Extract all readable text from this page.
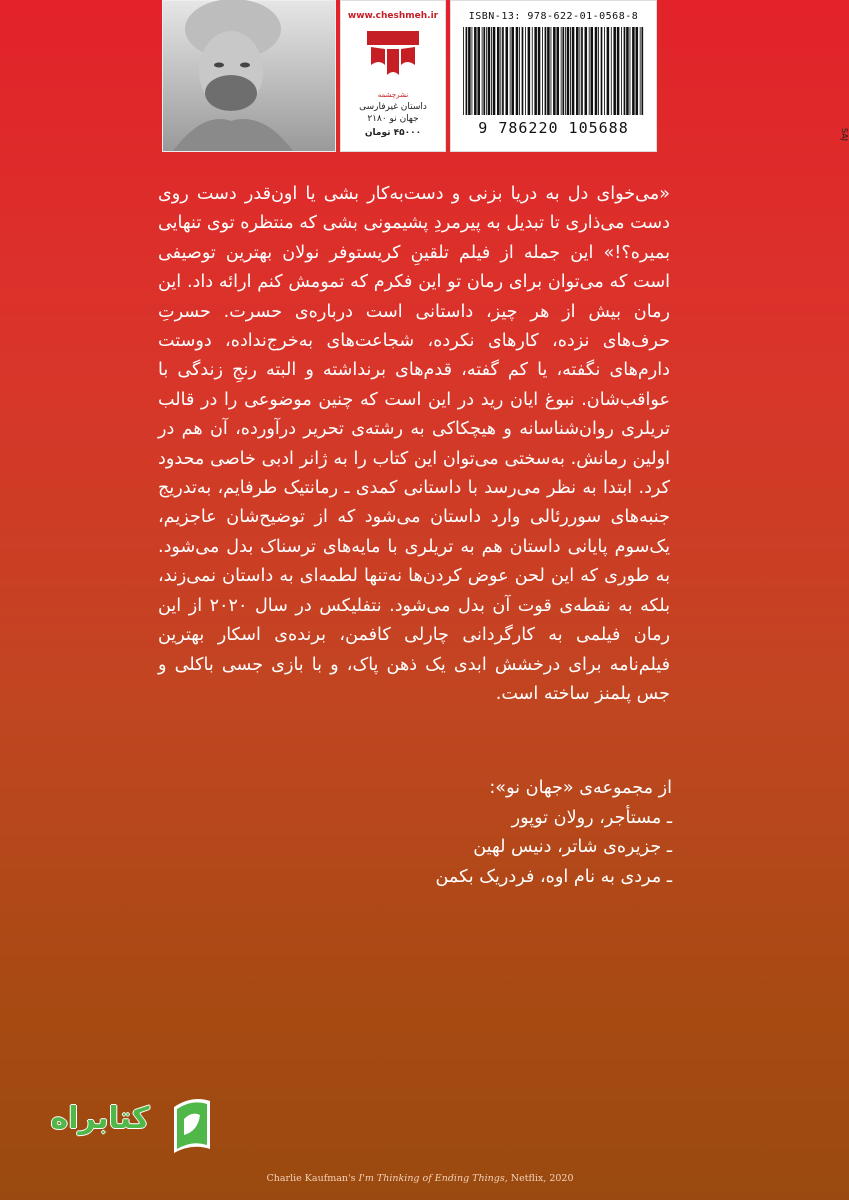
www.cheshmeh.ir
نشرچشمه
داستان غیرفارسی
جهان نو ۲۱۸۰
۴۵۰۰۰ تومان
ISBN-13: 978-622-01-0568-8
9 786220 105688	SAJ

«می‌خوای دل به دریا بزنی و دست‌به‌کار بشی یا اون‌قدر دست روی دست می‌ذاری تا تبدیل به پیرمردِ پشیمونی بشی که منتظره توی تنهایی بمیره؟!» این جمله از فیلم تلقینِ کریستوفر نولان بهترین توصیفی است که می‌توان برای رمان تو این فکرم که تمومش کنم ارائه داد. این رمان بیش از هر چیز، داستانی است درباره‌ی حسرت. حسرتِ حرف‌های نزده، کارهای نکرده، شجاعت‌های به‌خرج‌نداده، دوستت دارم‌های نگفته، یا کم گفته، قدم‌های برنداشته و البته رنجِ زندگی با عواقب‌شان. نبوغ ایان رید در این است که چنین موضوعی را در قالب تریلری روان‌شناسانه و هیچکاکی به رشته‌ی تحریر درآورده، آن هم در اولین رمانش. به‌سختی می‌توان این کتاب را به ژانر ادبی خاصی محدود کرد. ابتدا به نظر می‌رسد با داستانی کمدی ـ رمانتیک طرفایم، به‌تدریج جنبه‌های سوررئالی وارد داستان می‌شود که از توضیح‌شان عاجزیم، یک‌سوم پایانی داستان هم به تریلری با مایه‌های ترسناک بدل می‌شود. به طوری که این لحن عوض کردن‌ها نه‌تنها لطمه‌ای به داستان نمی‌زند، بلکه به نقطه‌ی قوت آن بدل می‌شود. نتفلیکس در سال ۲۰۲۰ از این رمان فیلمی به کارگردانی چارلی کافمن، برنده‌ی اسکار بهترین فیلم‌نامه برای درخشش ابدی یک ذهن پاک، و با بازی جسی باکلی و جس پلمنز ساخته است.

از مجموعه‌ی «جهان نو»:
ـ مستأجر، رولان توپور
ـ جزیره‌ی شاتر، دنیس لهین
ـ مردی به نام اوه، فردریک بکمن
کتابراه
Charlie Kaufman's I'm Thinking of Ending Things, Netflix, 2020
